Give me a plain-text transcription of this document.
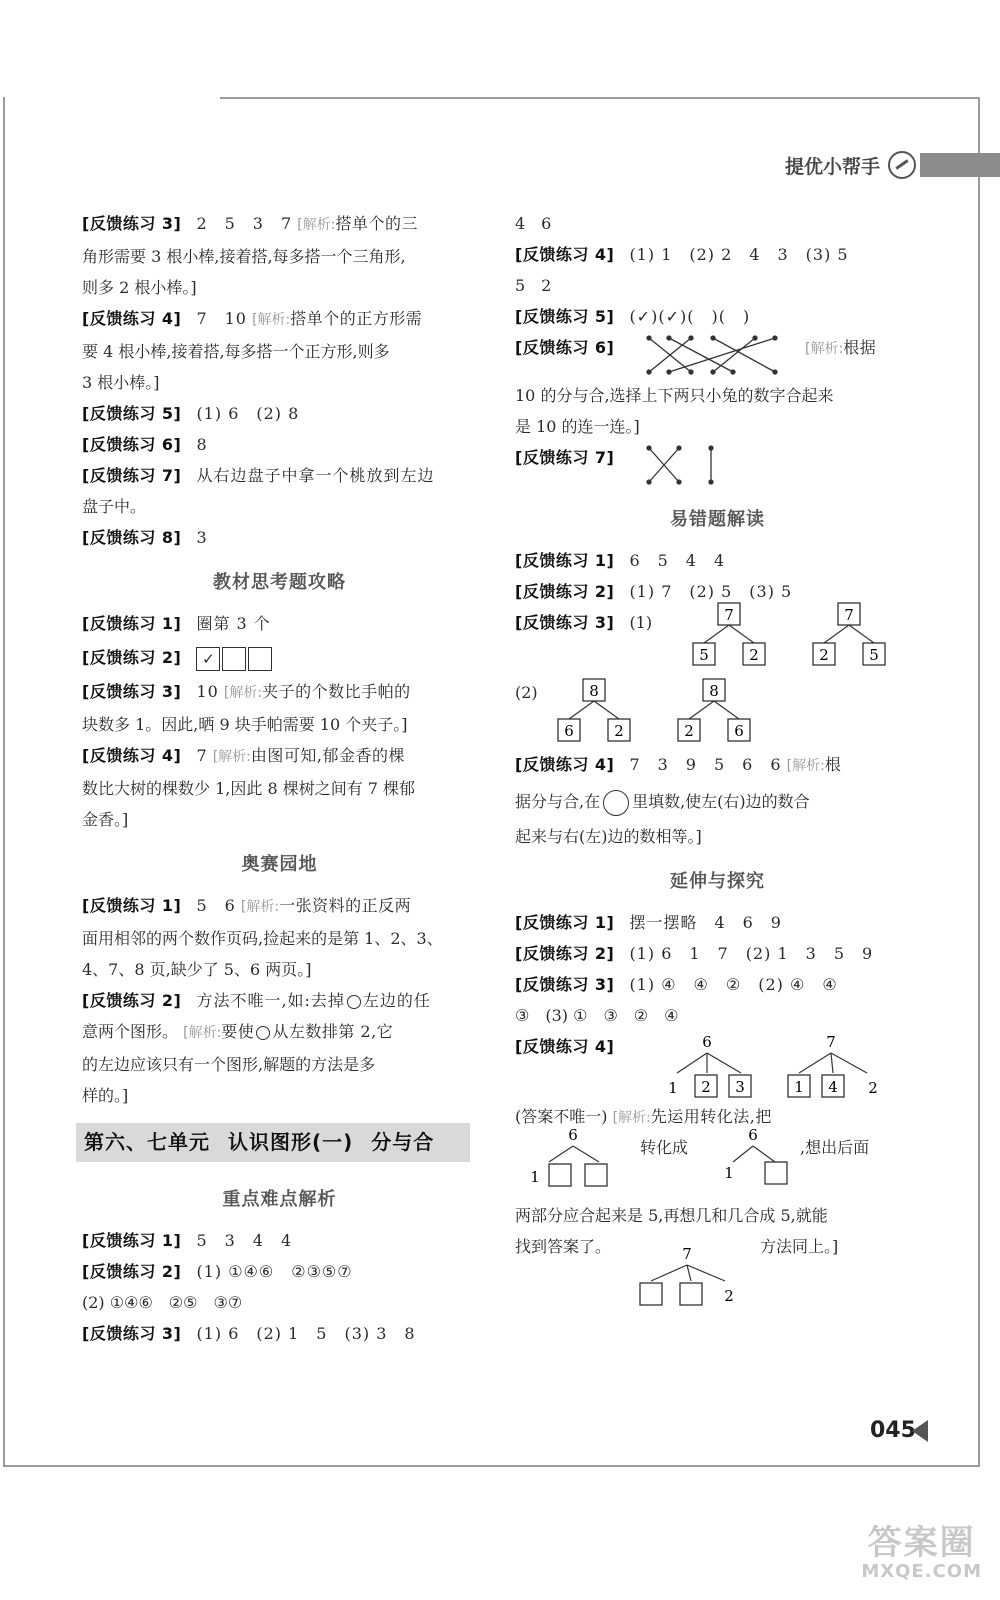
提优小帮手
[反馈练习 3] 2　5　3　7 [解析:搭单个的三
角形需要 3 根小棒,接着搭,每多搭一个三角形,
则多 2 根小棒。]
[反馈练习 4] 7　10 [解析:搭单个的正方形需
要 4 根小棒,接着搭,每多搭一个正方形,则多
3 根小棒。]
[反馈练习 5] (1) 6　(2) 8
[反馈练习 6] 8
[反馈练习 7] 从右边盘子中拿一个桃放到左边
盘子中。
[反馈练习 8] 3
教材思考题攻略
[反馈练习 1] 圈第 3 个
[反馈练习 2] ✓
[反馈练习 3] 10 [解析:夹子的个数比手帕的
块数多 1。因此,晒 9 块手帕需要 10 个夹子。]
[反馈练习 4] 7 [解析:由图可知,郁金香的棵
数比大树的棵数少 1,因此 8 棵树之间有 7 棵郁
金香。]
奥赛园地
[反馈练习 1] 5　6 [解析:一张资料的正反两
面用相邻的两个数作页码,捡起来的是第 1、2、3、
4、7、8 页,缺少了 5、6 两页。]
[反馈练习 2] 方法不唯一,如:去掉 左边的任
意两个图形。 [解析:要使 从左数排第 2,它
的左边应该只有一个图形,解题的方法是多
样的。]
第六、七单元 认识图形(一) 分与合
重点难点解析
[反馈练习 1] 5　3　4　4
[反馈练习 2] (1) ①④⑥　②③⑤⑦
(2) ①④⑥　②⑤　③⑦
[反馈练习 3] (1) 6　(2) 1　5　(3) 3　8
4　6
[反馈练习 4] (1) 1　(2) 2　4　3　(3) 5
5　2
[反馈练习 5] (✓)(✓)(　)(　)
[反馈练习 6]	[解析:根据
10 的分与合,选择上下两只小兔的数字合起来
是 10 的连一连。]
[反馈练习 7]
易错题解读
[反馈练习 1] 6　5　4　4
[反馈练习 2] (1) 7　(2) 5　(3) 5
[反馈练习 3] (1)	7
5	2
7
2	5
(2)	8
6	2
8
2	6
[反馈练习 4] 7　3　9　5　6　6 [解析:根
据分与合,在 里填数,使左(右)边的数合
起来与右(左)边的数相等。]
延伸与探究
[反馈练习 1] 摆一摆略　4　6　9
[反馈练习 2] (1) 6　1　7　(2) 1　3　5　9
[反馈练习 3] (1) ④　④　②　(2) ④　④
③　(3) ①　③　②　④
[反馈练习 4]	6
1 2 3
7
1 4 2
(答案不唯一) [解析:先运用转化法,把
6
1
转化成
6
1
,想出后面
两部分应合起来是 5,再想几和几合成 5,就能
找到答案了。	方法同上。]
7
2
045
答案圈
MXQE.COM
